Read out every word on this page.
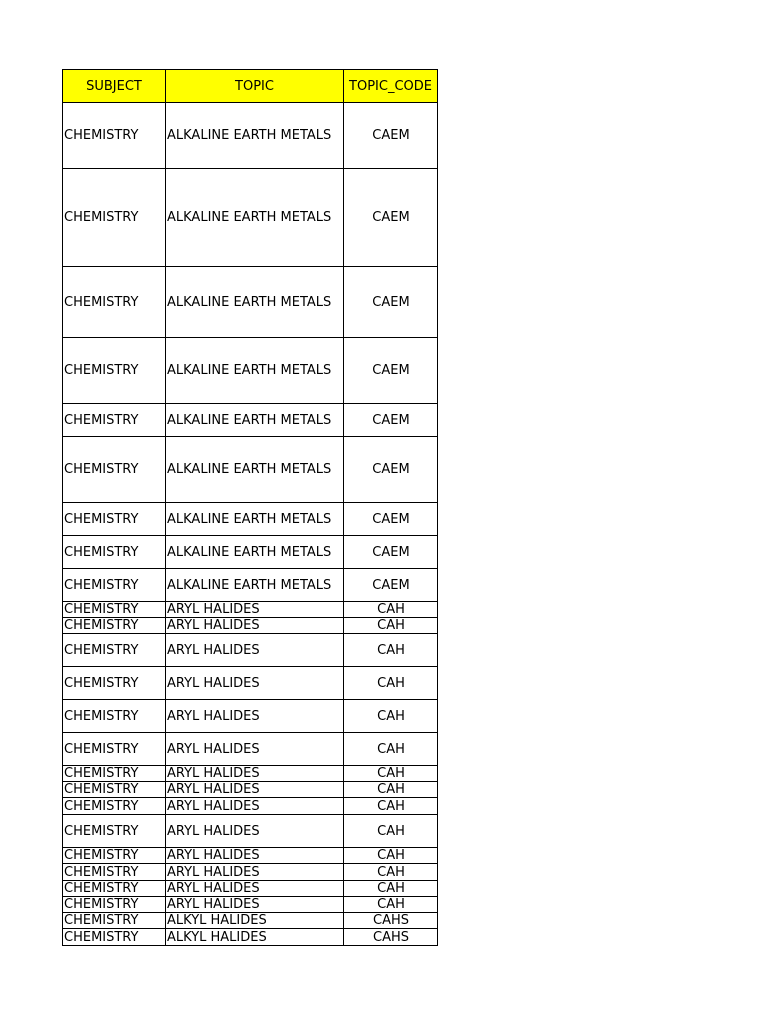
SUBJECT	TOPIC	TOPIC_CODE
CHEMISTRY	ALKALINE EARTH METALS	CAEM
CHEMISTRY	ALKALINE EARTH METALS	CAEM
CHEMISTRY	ALKALINE EARTH METALS	CAEM
CHEMISTRY	ALKALINE EARTH METALS	CAEM
CHEMISTRY	ALKALINE EARTH METALS	CAEM
CHEMISTRY	ALKALINE EARTH METALS	CAEM
CHEMISTRY	ALKALINE EARTH METALS	CAEM
CHEMISTRY	ALKALINE EARTH METALS	CAEM
CHEMISTRY	ALKALINE EARTH METALS	CAEM
CHEMISTRY	ARYL HALIDES	CAH
CHEMISTRY	ARYL HALIDES	CAH
CHEMISTRY	ARYL HALIDES	CAH
CHEMISTRY	ARYL HALIDES	CAH
CHEMISTRY	ARYL HALIDES	CAH
CHEMISTRY	ARYL HALIDES	CAH
CHEMISTRY	ARYL HALIDES	CAH
CHEMISTRY	ARYL HALIDES	CAH
CHEMISTRY	ARYL HALIDES	CAH
CHEMISTRY	ARYL HALIDES	CAH
CHEMISTRY	ARYL HALIDES	CAH
CHEMISTRY	ARYL HALIDES	CAH
CHEMISTRY	ARYL HALIDES	CAH
CHEMISTRY	ARYL HALIDES	CAH
CHEMISTRY	ALKYL HALIDES	CAHS
CHEMISTRY	ALKYL HALIDES	CAHS
